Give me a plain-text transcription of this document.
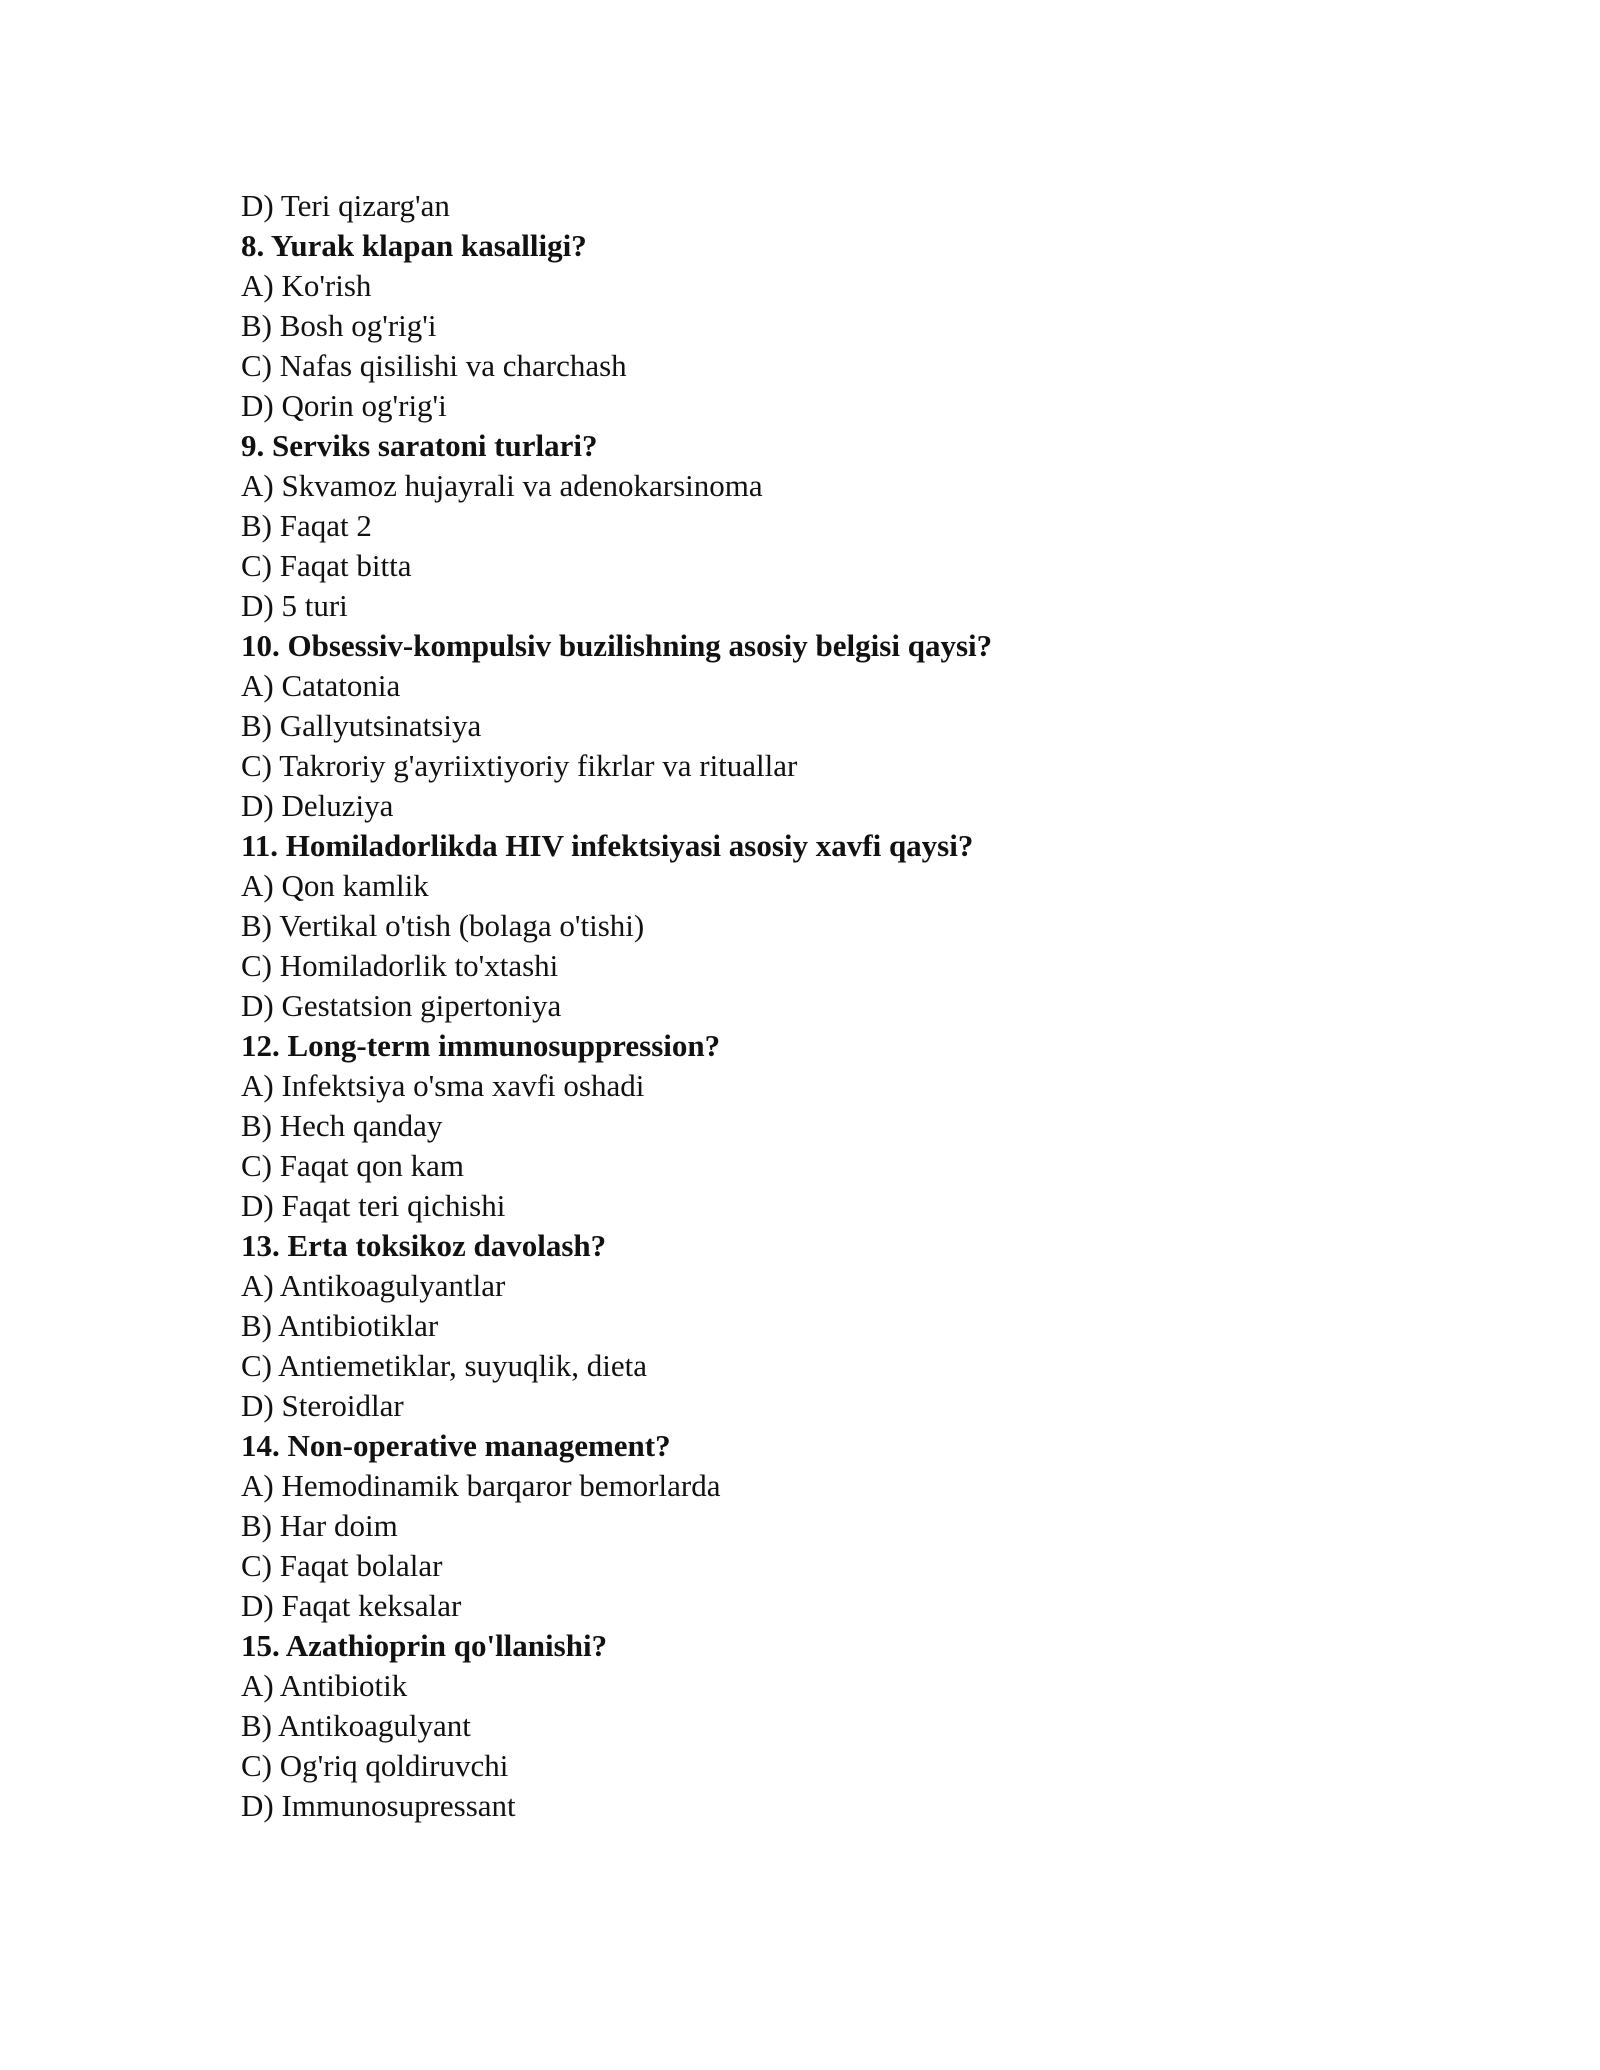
D) Teri qizarg'an
8. Yurak klapan kasalligi?
A) Ko'rish
B) Bosh og'rig'i
C) Nafas qisilishi va charchash
D) Qorin og'rig'i
9. Serviks saratoni turlari?
A) Skvamoz hujayrali va adenokarsinoma
B) Faqat 2
C) Faqat bitta
D) 5 turi
10. Obsessiv-kompulsiv buzilishning asosiy belgisi qaysi?
A) Catatonia
B) Gallyutsinatsiya
C) Takroriy g'ayriixtiyoriy fikrlar va rituallar
D) Deluziya
11. Homiladorlikda HIV infektsiyasi asosiy xavfi qaysi?
A) Qon kamlik
B) Vertikal o'tish (bolaga o'tishi)
C) Homiladorlik to'xtashi
D) Gestatsion gipertoniya
12. Long-term immunosuppression?
A) Infektsiya o'sma xavfi oshadi
B) Hech qanday
C) Faqat qon kam
D) Faqat teri qichishi
13. Erta toksikoz davolash?
A) Antikoagulyantlar
B) Antibiotiklar
C) Antiemetiklar, suyuqlik, dieta
D) Steroidlar
14. Non-operative management?
A) Hemodinamik barqaror bemorlarda
B) Har doim
C) Faqat bolalar
D) Faqat keksalar
15. Azathioprin qo'llanishi?
A) Antibiotik
B) Antikoagulyant
C) Og'riq qoldiruvchi
D) Immunosupressant
